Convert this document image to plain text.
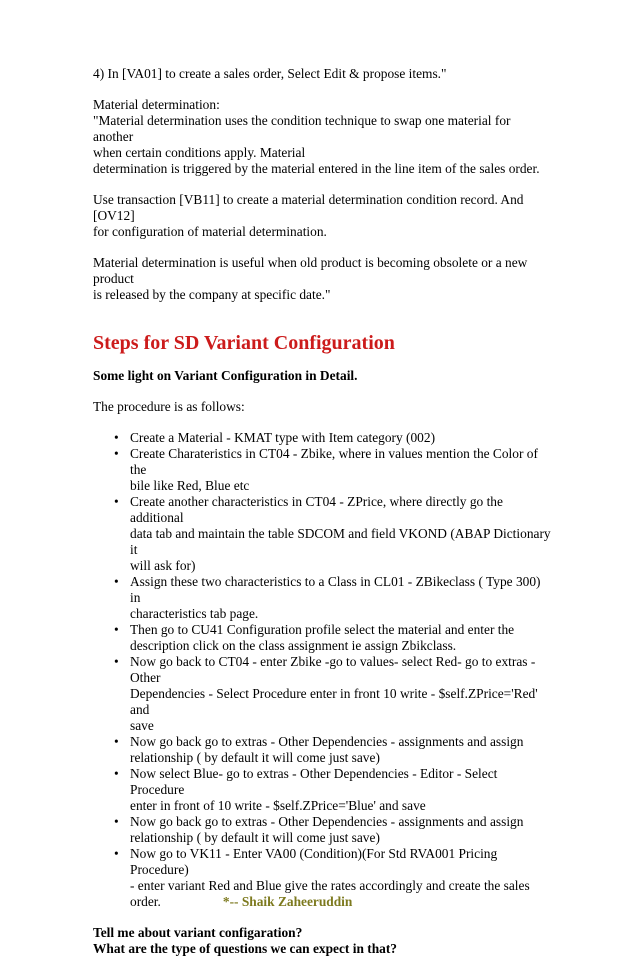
4) In [VA01] to create a sales order, Select Edit & propose items."

Material determination:
"Material determination uses the condition technique to swap one material for another
when certain conditions apply. Material
determination is triggered by the material entered in the line item of the sales order.

Use transaction [VB11] to create a material determination condition record. And [OV12]
for configuration of material determination.

Material determination is useful when old product is becoming obsolete or a new product
is released by the company at specific date."

Steps for SD Variant Configuration

Some light on Variant Configuration in Detail.

The procedure is as follows:

• Create a Material - KMAT type with Item category (002)
• Create Charateristics in CT04 - Zbike, where in values mention the Color of the
bile like Red, Blue etc
• Create another characteristics in CT04 - ZPrice, where directly go the additional
data tab and maintain the table SDCOM and field VKOND (ABAP Dictionary it
will ask for)
• Assign these two characteristics to a Class in CL01 - ZBikeclass ( Type 300) in
characteristics tab page.
• Then go to CU41 Configuration profile select the material and enter the
description click on the class assignment ie assign Zbikclass.
• Now go back to CT04 - enter Zbike -go to values- select Red- go to extras - Other
Dependencies - Select Procedure enter in front 10 write - $self.ZPrice='Red' and
save
• Now go back go to extras - Other Dependencies - assignments and assign
relationship ( by default it will come just save)
• Now select Blue- go to extras - Other Dependencies - Editor - Select Procedure
enter in front of 10 write - $self.ZPrice='Blue' and save
• Now go back go to extras - Other Dependencies - assignments and assign
relationship ( by default it will come just save)
• Now go to VK11 - Enter VA00 (Condition)(For Std RVA001 Pricing Procedure)
- enter variant Red and Blue give the rates accordingly and create the sales
order.	*-- Shaik Zaheeruddin
Tell me about variant configaration?
What are the type of questions we can expect in that?
